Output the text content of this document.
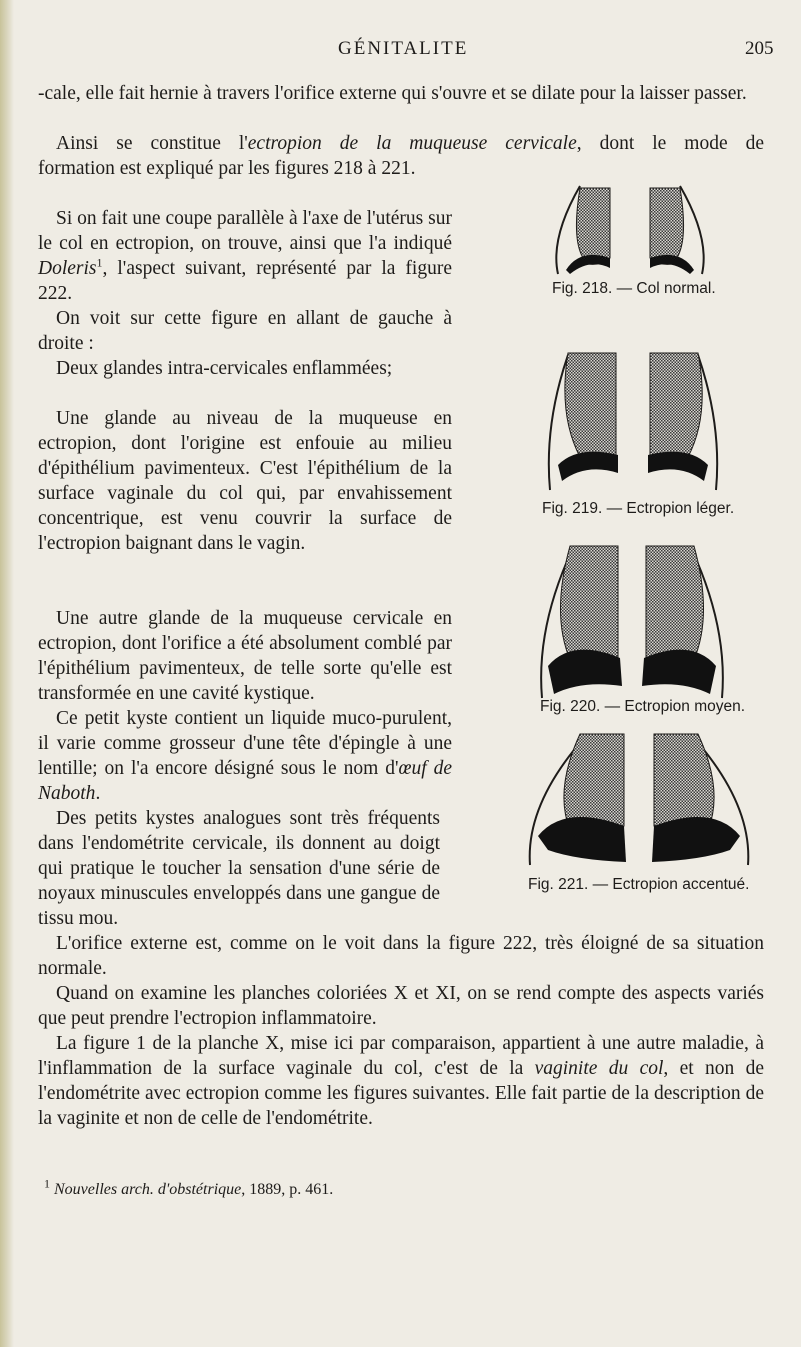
GÉNITALITE	205

-cale, elle fait hernie à travers l'orifice externe qui s'ouvre et se dilate pour la laisser passer.

Ainsi se constitue l'ectropion de la muqueuse cervicale, dont le mode de

formation est expliqué par les figures 218 à 221.

Si on fait une coupe parallèle à l'axe de l'utérus sur le col en ectropion, on trouve, ainsi que l'a indiqué Doleris$^1$, l'aspect suivant, représenté par la figure 222.

On voit sur cette figure en allant de gauche à droite :

Deux glandes intra-cervicales enflammées;

Une glande au niveau de la muqueuse en ectropion, dont l'origine est enfouie au milieu d'épithélium pavimenteux. C'est l'épithélium de la surface vaginale du col qui, par envahissement concentrique, est venu couvrir la surface de l'ectropion baignant dans le vagin.

Une autre glande de la muqueuse cervicale en ectropion, dont l'orifice a été absolument comblé par l'épithélium pavimenteux, de telle sorte qu'elle est transformée en une cavité kystique.

Ce petit kyste contient un liquide muco-purulent, il varie comme grosseur d'une tête d'épingle à une lentille; on l'a encore désigné sous le nom d'œuf de Naboth.

Des petits kystes analogues sont très fréquents dans l'endométrite cervicale, ils donnent au doigt qui pratique le toucher la sensation d'une série de noyaux minuscules enveloppés dans une gangue de tissu mou.

L'orifice externe est, comme on le voit dans la figure 222, très éloigné de sa situation normale.

Quand on examine les planches coloriées X et XI, on se rend compte des aspects variés que peut prendre l'ectropion inflammatoire.

La figure 1 de la planche X, mise ici par comparaison, appartient à une autre maladie, à l'inflammation de la surface vaginale du col, c'est de la vaginite du col, et non de l'endométrite avec ectropion comme les figures suivantes. Elle fait partie de la description de la vaginite et non de celle de l'endométrite.

Fig. 218. — Col normal.
Fig. 219. — Ectropion léger.
Fig. 220. — Ectropion moyen.
Fig. 221. — Ectropion accentué.

$^1$ Nouvelles arch. d'obstétrique, 1889, p. 461.
